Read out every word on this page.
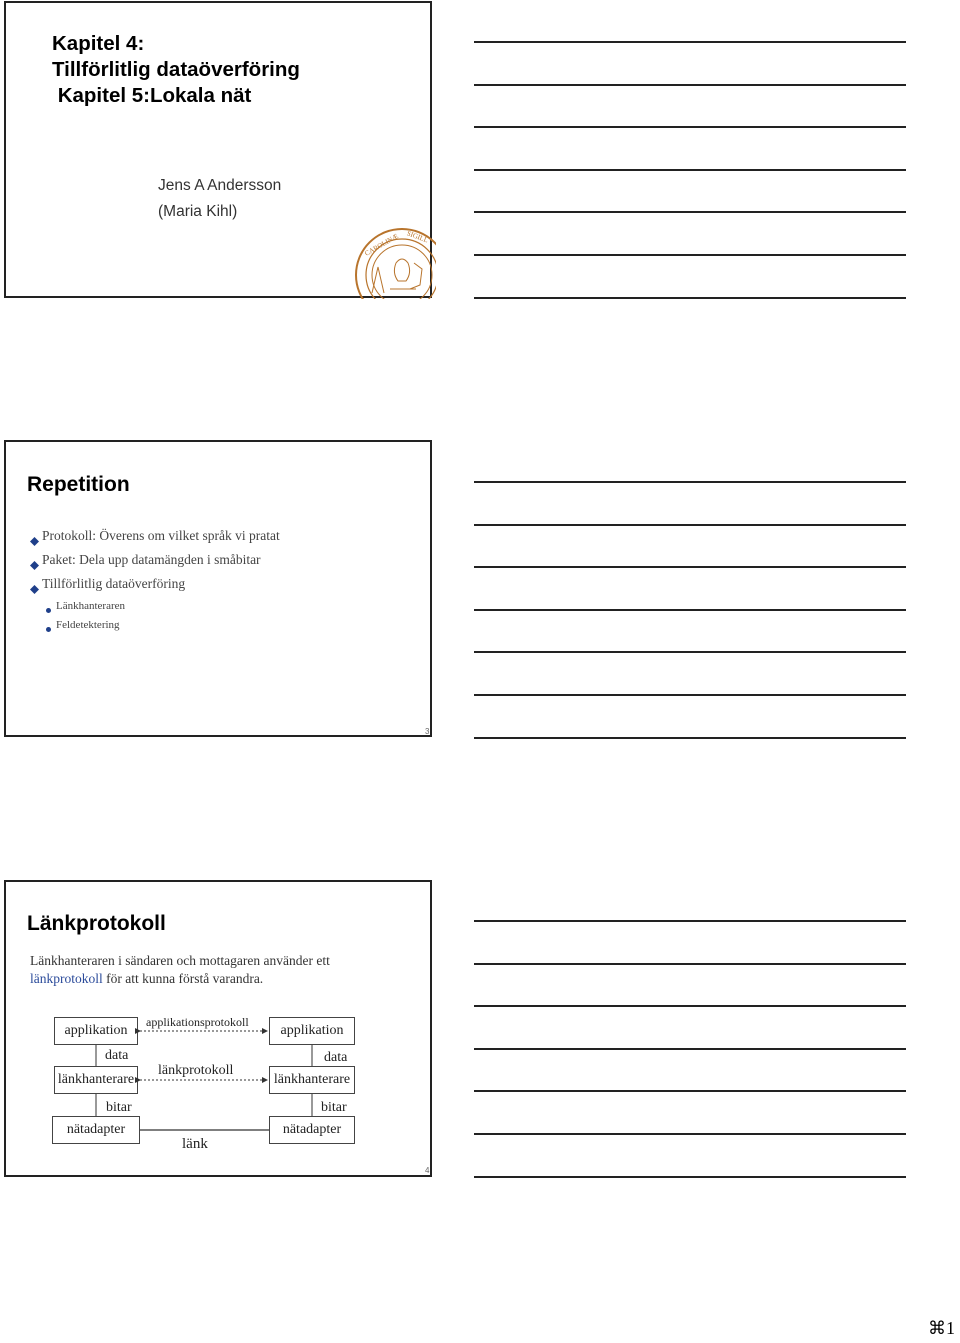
Kapitel 4:
Tillförlitlig dataöverföring
Kapitel 5:Lokala nät
Jens A Andersson
(Maria Kihl)
CAROLINÆ SIGILL
Repetition
Protokoll: Överens om vilket språk vi pratat
Paket: Dela upp datamängden i småbitar
Tillförlitlig dataöverföring
Länkhanteraren
Feldetektering
3
Länkprotokoll
Länkhanteraren i sändaren och mottagaren använder ett
länkprotokoll för att kunna förstå varandra.
applikation
länkhanterare
nätadapter
data
bitar
applikation
länkhanterare
nätadapter
data
bitar
applikationsprotokoll
länkprotokoll
länk
4
⌘1
